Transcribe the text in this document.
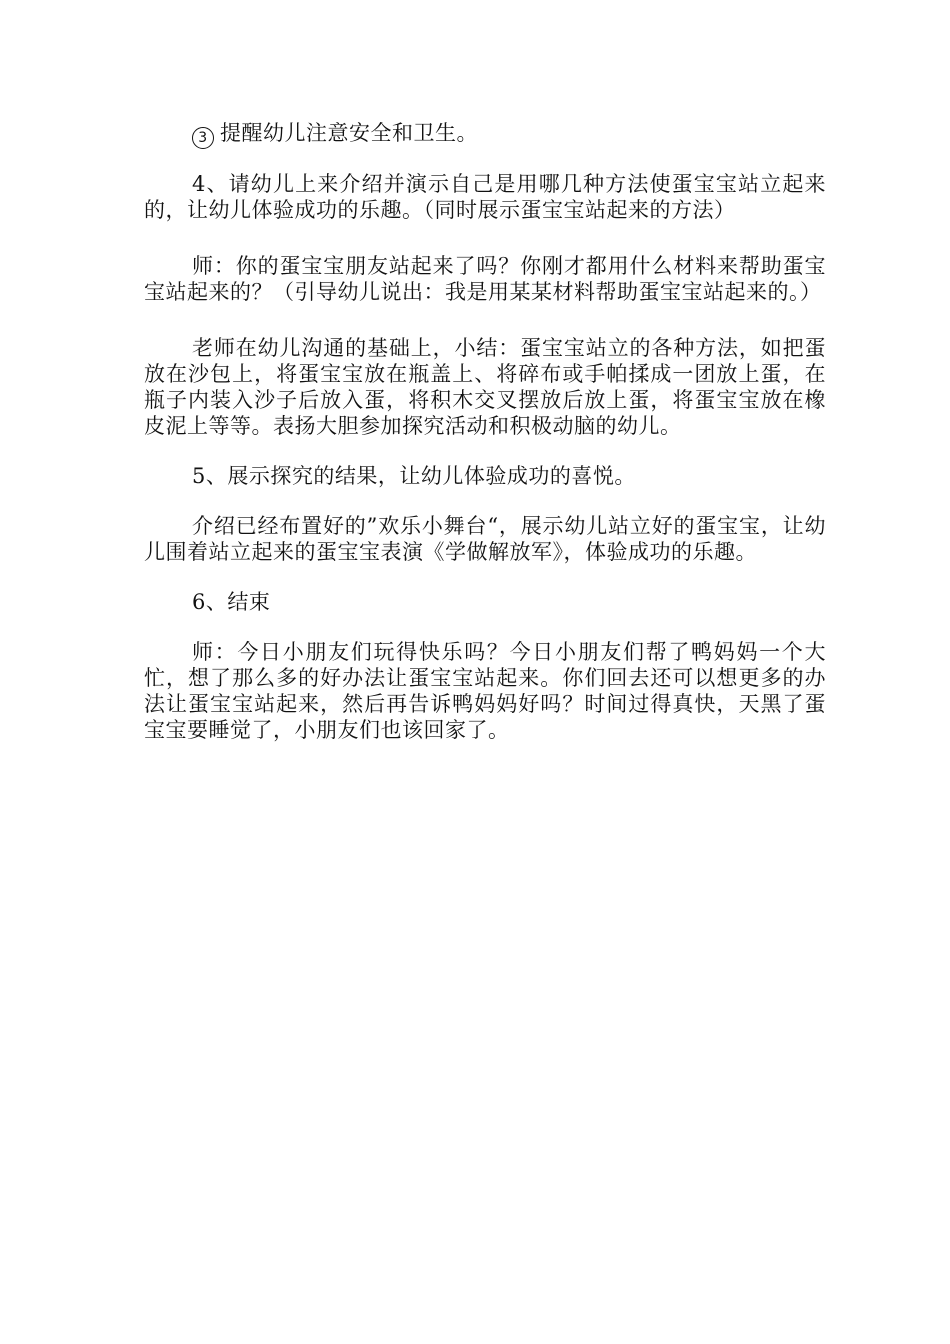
3 提醒幼儿注意安全和卫生。

4、请幼儿上来介绍并演示自己是用哪几种方法使蛋宝宝站立起来的，让幼儿体验成功的乐趣。（同时展示蛋宝宝站起来的方法）

师：你的蛋宝宝朋友站起来了吗？你刚才都用什么材料来帮助蛋宝宝站起来的？（引导幼儿说出：我是用某某材料帮助蛋宝宝站起来的。）

老师在幼儿沟通的基础上，小结：蛋宝宝站立的各种方法，如把蛋放在沙包上，将蛋宝宝放在瓶盖上、将碎布或手帕揉成一团放上蛋，在瓶子内装入沙子后放入蛋，将积木交叉摆放后放上蛋，将蛋宝宝放在橡皮泥上等等。表扬大胆参加探究活动和积极动脑的幼儿。

5、展示探究的结果，让幼儿体验成功的喜悦。

介绍已经布置好的”欢乐小舞台“，展示幼儿站立好的蛋宝宝，让幼儿围着站立起来的蛋宝宝表演《学做解放军》，体验成功的乐趣。

6、结束

师：今日小朋友们玩得快乐吗？今日小朋友们帮了鸭妈妈一个大忙，想了那么多的好办法让蛋宝宝站起来。你们回去还可以想更多的办法让蛋宝宝站起来，然后再告诉鸭妈妈好吗？时间过得真快，天黑了蛋宝宝要睡觉了，小朋友们也该回家了。
